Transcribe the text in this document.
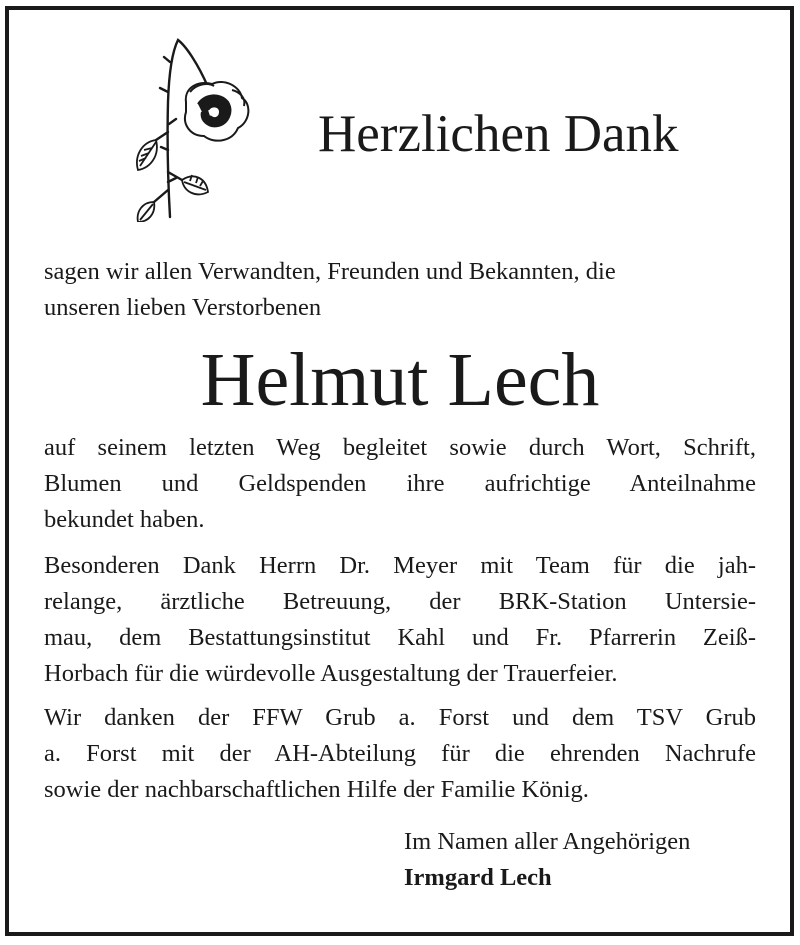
Herzlichen Dank
sagen wir allen Verwandten, Freunden und Bekannten, die
unseren lieben Verstorbenen
Helmut Lech
auf seinem letzten Weg begleitet sowie durch Wort, Schrift,
Blumen und Geldspenden ihre aufrichtige Anteilnahme
bekundet haben.
Besonderen Dank Herrn Dr. Meyer mit Team für die jah-
relange, ärztliche Betreuung, der BRK-Station Untersie-
mau, dem Bestattungsinstitut Kahl und Fr. Pfarrerin Zeiß-
Horbach für die würdevolle Ausgestaltung der Trauerfeier.
Wir danken der FFW Grub a. Forst und dem TSV Grub
a. Forst mit der AH-Abteilung für die ehrenden Nachrufe
sowie der nachbarschaftlichen Hilfe der Familie König.
Im Namen aller Angehörigen
Irmgard Lech
